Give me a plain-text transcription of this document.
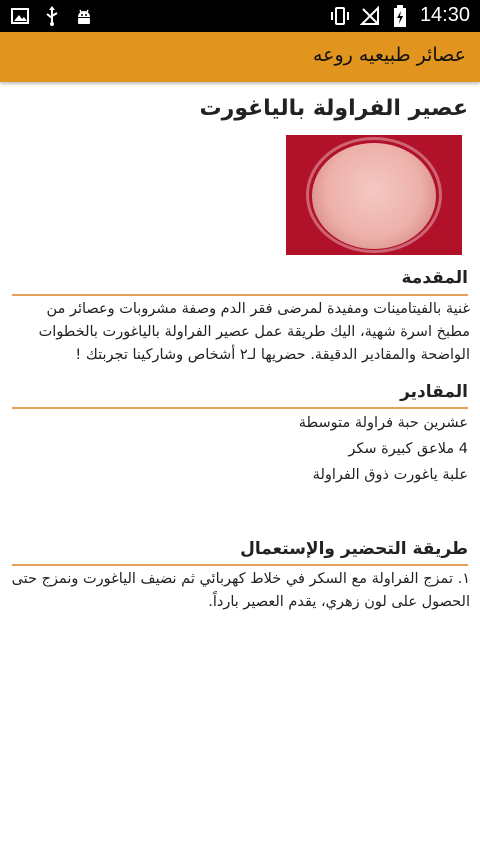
14:30
عصائر طبيعيه روعه
عصير الفراولة بالياغورت
المقدمة
غنية بالفيتامينات ومفيدة لمرضى فقر الدم وصفة مشروبات وعصائر من مطبخ اسرة شهية، اليك طريقة عمل عصير الفراولة بالياغورت بالخطوات الواضحة والمقادير الدقيقة. حضريها لـ٢ أشخاص وشاركينا تجربتك !
المقادير
عشرين حبة فراولة متوسطة
4 ملاعق كبيرة سكر
علبة ياغورت ذوق الفراولة
طريقة التحضير والإستعمال
١. تمزج الفراولة مع السكر في خلاط كهربائي ثم نضيف الياغورت ونمزج حتى الحصول على لون زهري، يقدم العصير بارداً.
